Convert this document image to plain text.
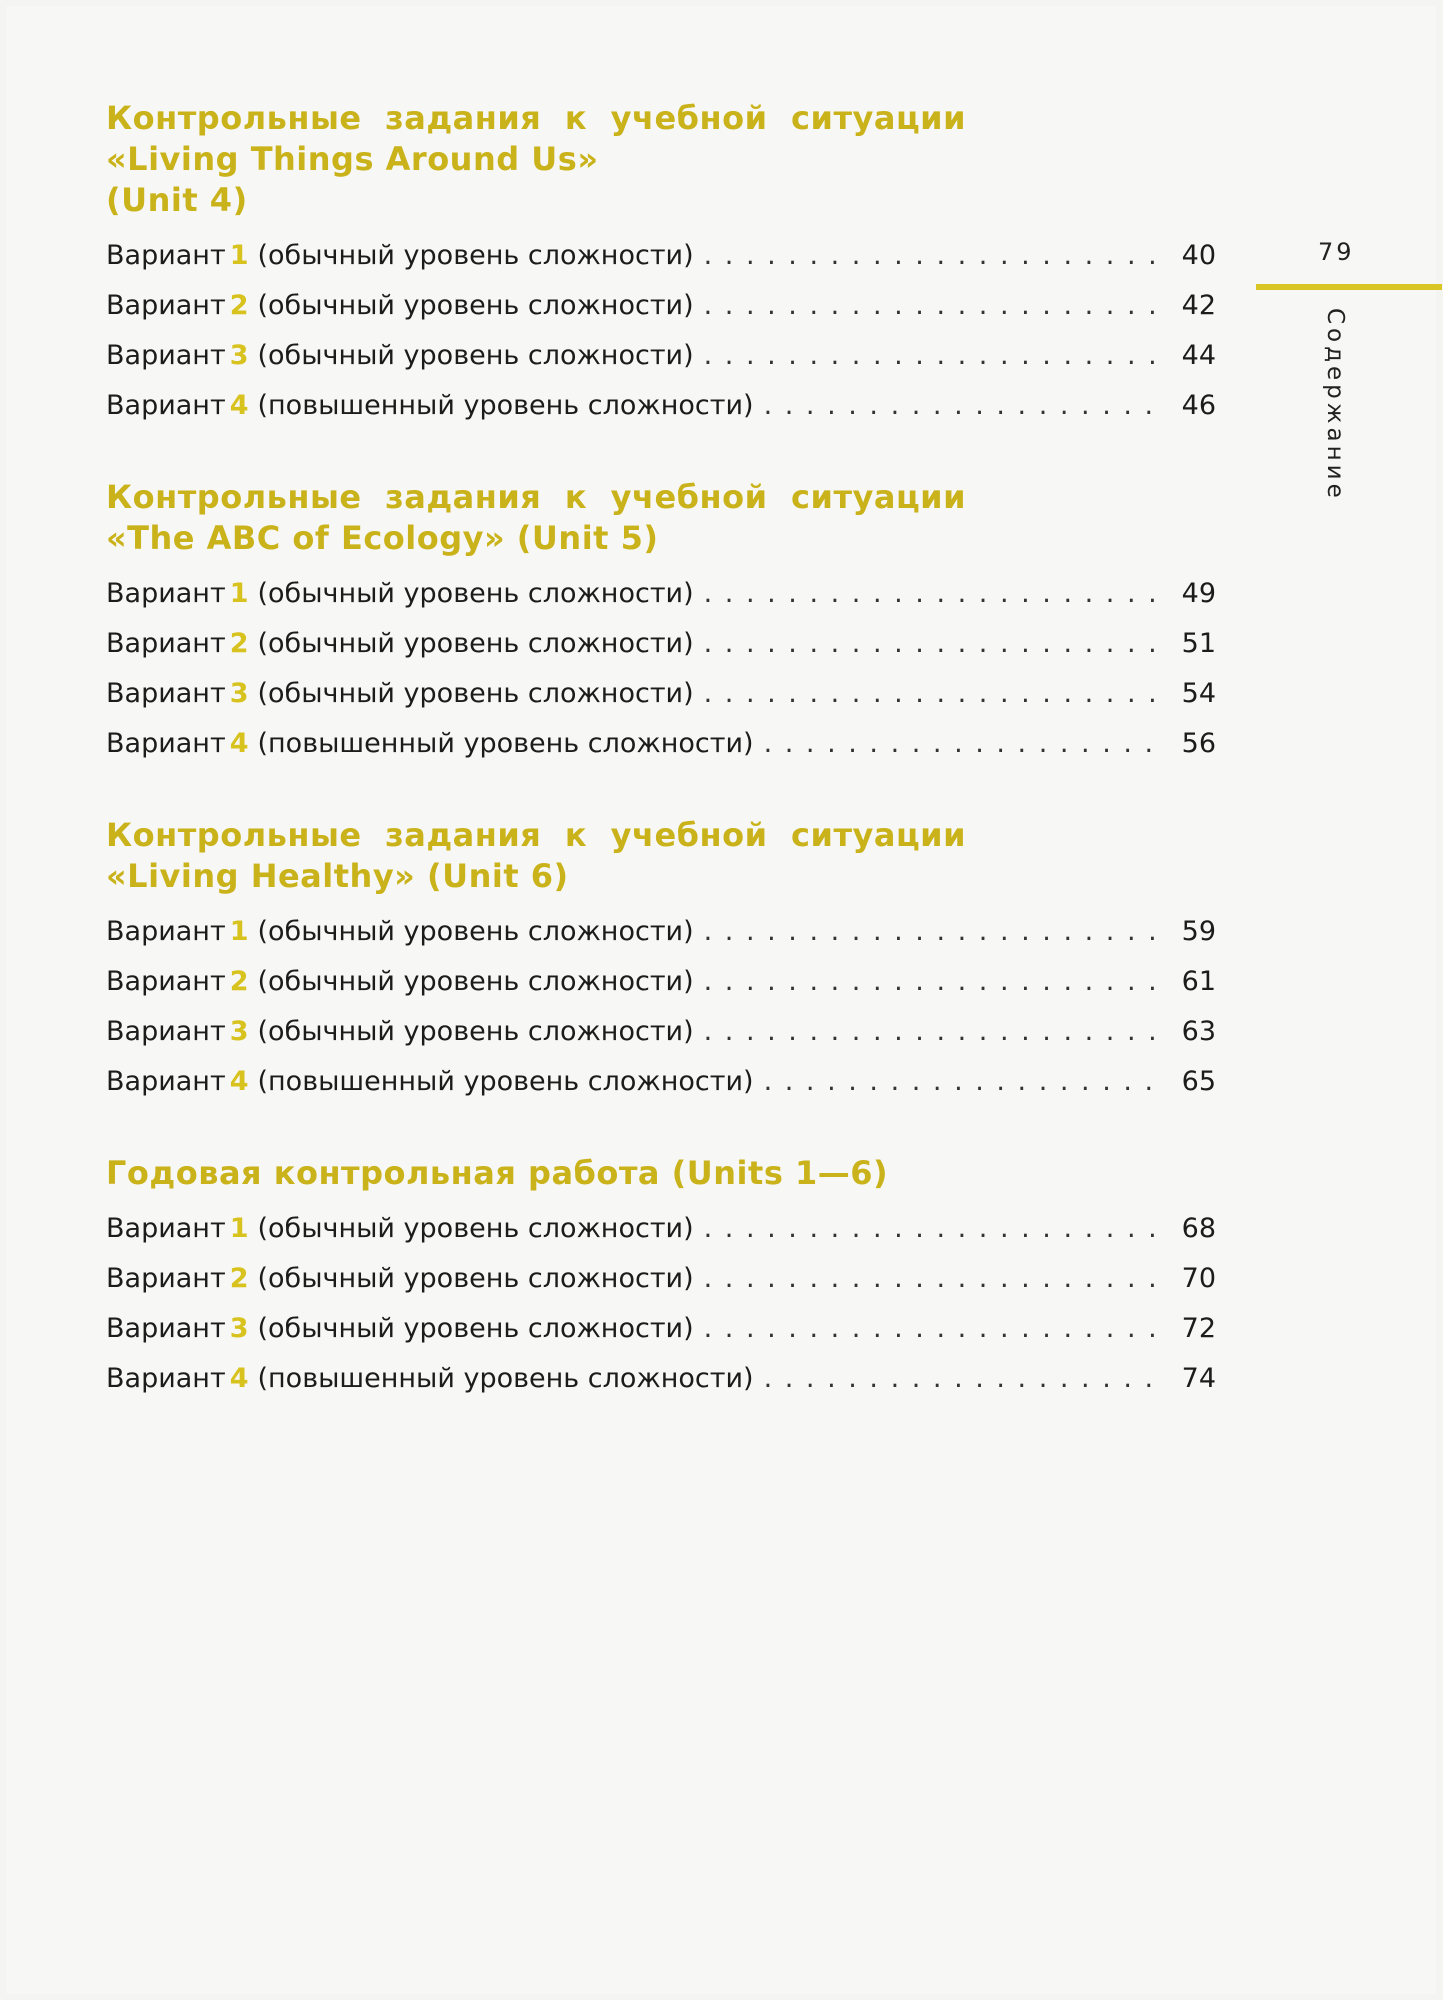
Контрольные задания к учебной ситуации
«Living Things Around Us»
(Unit 4)
Вариант 1 (обычный уровень сложности) . . .	40
Вариант 2 (обычный уровень сложности) . . .	42
Вариант 3 (обычный уровень сложности) . . .	44
Вариант 4 (повышенный уровень сложности) . . .	46
Контрольные задания к учебной ситуации
«The ABC of Ecology» (Unit 5)
Вариант 1 (обычный уровень сложности) . . .	49
Вариант 2 (обычный уровень сложности) . . .	51
Вариант 3 (обычный уровень сложности) . . .	54
Вариант 4 (повышенный уровень сложности) . . .	56
Контрольные задания к учебной ситуации
«Living Healthy» (Unit 6)
Вариант 1 (обычный уровень сложности) . . .	59
Вариант 2 (обычный уровень сложности) . . .	61
Вариант 3 (обычный уровень сложности) . . .	63
Вариант 4 (повышенный уровень сложности) . . .	65
Годовая контрольная работа (Units 1—6)
Вариант 1 (обычный уровень сложности) . . .	68
Вариант 2 (обычный уровень сложности) . . .	70
Вариант 3 (обычный уровень сложности) . . .	72
Вариант 4 (повышенный уровень сложности) . . .	74
79
Содержание
